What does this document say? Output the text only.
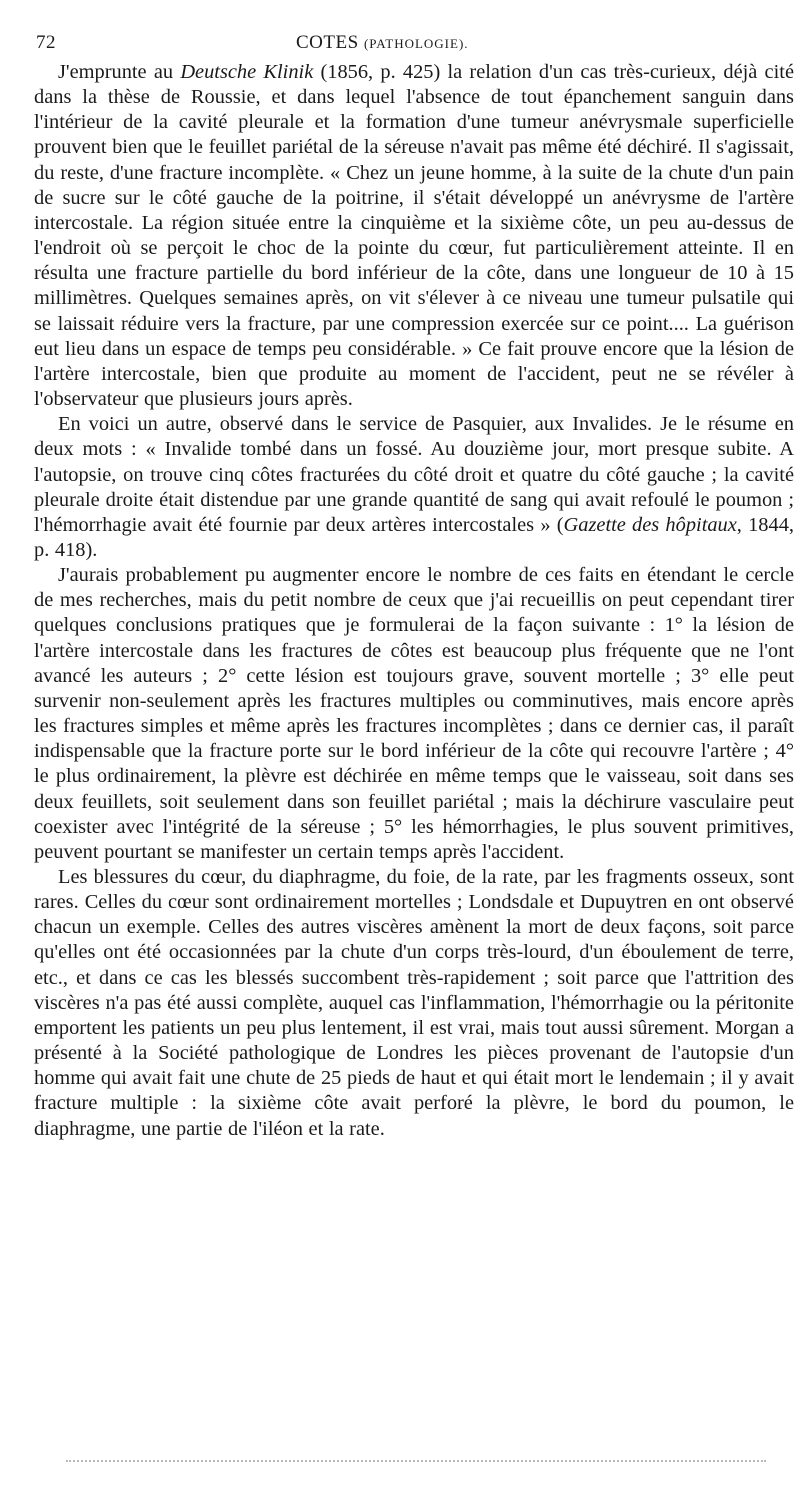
72	COTES (PATHOLOGIE).

J'emprunte au Deutsche Klinik (1856, p. 425) la relation d'un cas très-curieux, déjà cité dans la thèse de Roussie, et dans lequel l'absence de tout épanchement sanguin dans l'intérieur de la cavité pleurale et la formation d'une tumeur anévrysmale superficielle prouvent bien que le feuillet pariétal de la séreuse n'avait pas même été déchiré. Il s'agissait, du reste, d'une fracture incomplète. « Chez un jeune homme, à la suite de la chute d'un pain de sucre sur le côté gauche de la poitrine, il s'était développé un anévrysme de l'artère intercostale. La région située entre la cinquième et la sixième côte, un peu au-dessus de l'endroit où se perçoit le choc de la pointe du cœur, fut particulièrement atteinte. Il en résulta une fracture partielle du bord inférieur de la côte, dans une longueur de 10 à 15 millimètres. Quelques semaines après, on vit s'élever à ce niveau une tumeur pulsatile qui se laissait réduire vers la fracture, par une compression exercée sur ce point.... La guérison eut lieu dans un espace de temps peu considérable. » Ce fait prouve encore que la lésion de l'artère intercostale, bien que produite au moment de l'accident, peut ne se révéler à l'observateur que plusieurs jours après.

En voici un autre, observé dans le service de Pasquier, aux Invalides. Je le résume en deux mots : « Invalide tombé dans un fossé. Au douzième jour, mort presque subite. A l'autopsie, on trouve cinq côtes fracturées du côté droit et quatre du côté gauche ; la cavité pleurale droite était distendue par une grande quantité de sang qui avait refoulé le poumon ; l'hémorrhagie avait été fournie par deux artères intercostales » (Gazette des hôpitaux, 1844, p. 418).

J'aurais probablement pu augmenter encore le nombre de ces faits en étendant le cercle de mes recherches, mais du petit nombre de ceux que j'ai recueillis on peut cependant tirer quelques conclusions pratiques que je formulerai de la façon suivante : 1° la lésion de l'artère intercostale dans les fractures de côtes est beaucoup plus fréquente que ne l'ont avancé les auteurs ; 2° cette lésion est toujours grave, souvent mortelle ; 3° elle peut survenir non-seulement après les fractures multiples ou comminutives, mais encore après les fractures simples et même après les fractures incomplètes ; dans ce dernier cas, il paraît indispensable que la fracture porte sur le bord inférieur de la côte qui recouvre l'artère ; 4° le plus ordinairement, la plèvre est déchirée en même temps que le vaisseau, soit dans ses deux feuillets, soit seulement dans son feuillet pariétal ; mais la déchirure vasculaire peut coexister avec l'intégrité de la séreuse ; 5° les hémorrhagies, le plus souvent primitives, peuvent pourtant se manifester un certain temps après l'accident.

Les blessures du cœur, du diaphragme, du foie, de la rate, par les fragments osseux, sont rares. Celles du cœur sont ordinairement mortelles ; Londsdale et Dupuytren en ont observé chacun un exemple. Celles des autres viscères amènent la mort de deux façons, soit parce qu'elles ont été occasionnées par la chute d'un corps très-lourd, d'un éboulement de terre, etc., et dans ce cas les blessés succombent très-rapidement ; soit parce que l'attrition des viscères n'a pas été aussi complète, auquel cas l'inflammation, l'hémorrhagie ou la péritonite emportent les patients un peu plus lentement, il est vrai, mais tout aussi sûrement. Morgan a présenté à la Société pathologique de Londres les pièces provenant de l'autopsie d'un homme qui avait fait une chute de 25 pieds de haut et qui était mort le lendemain ; il y avait fracture multiple : la sixième côte avait perforé la plèvre, le bord du poumon, le diaphragme, une partie de l'iléon et la rate.
